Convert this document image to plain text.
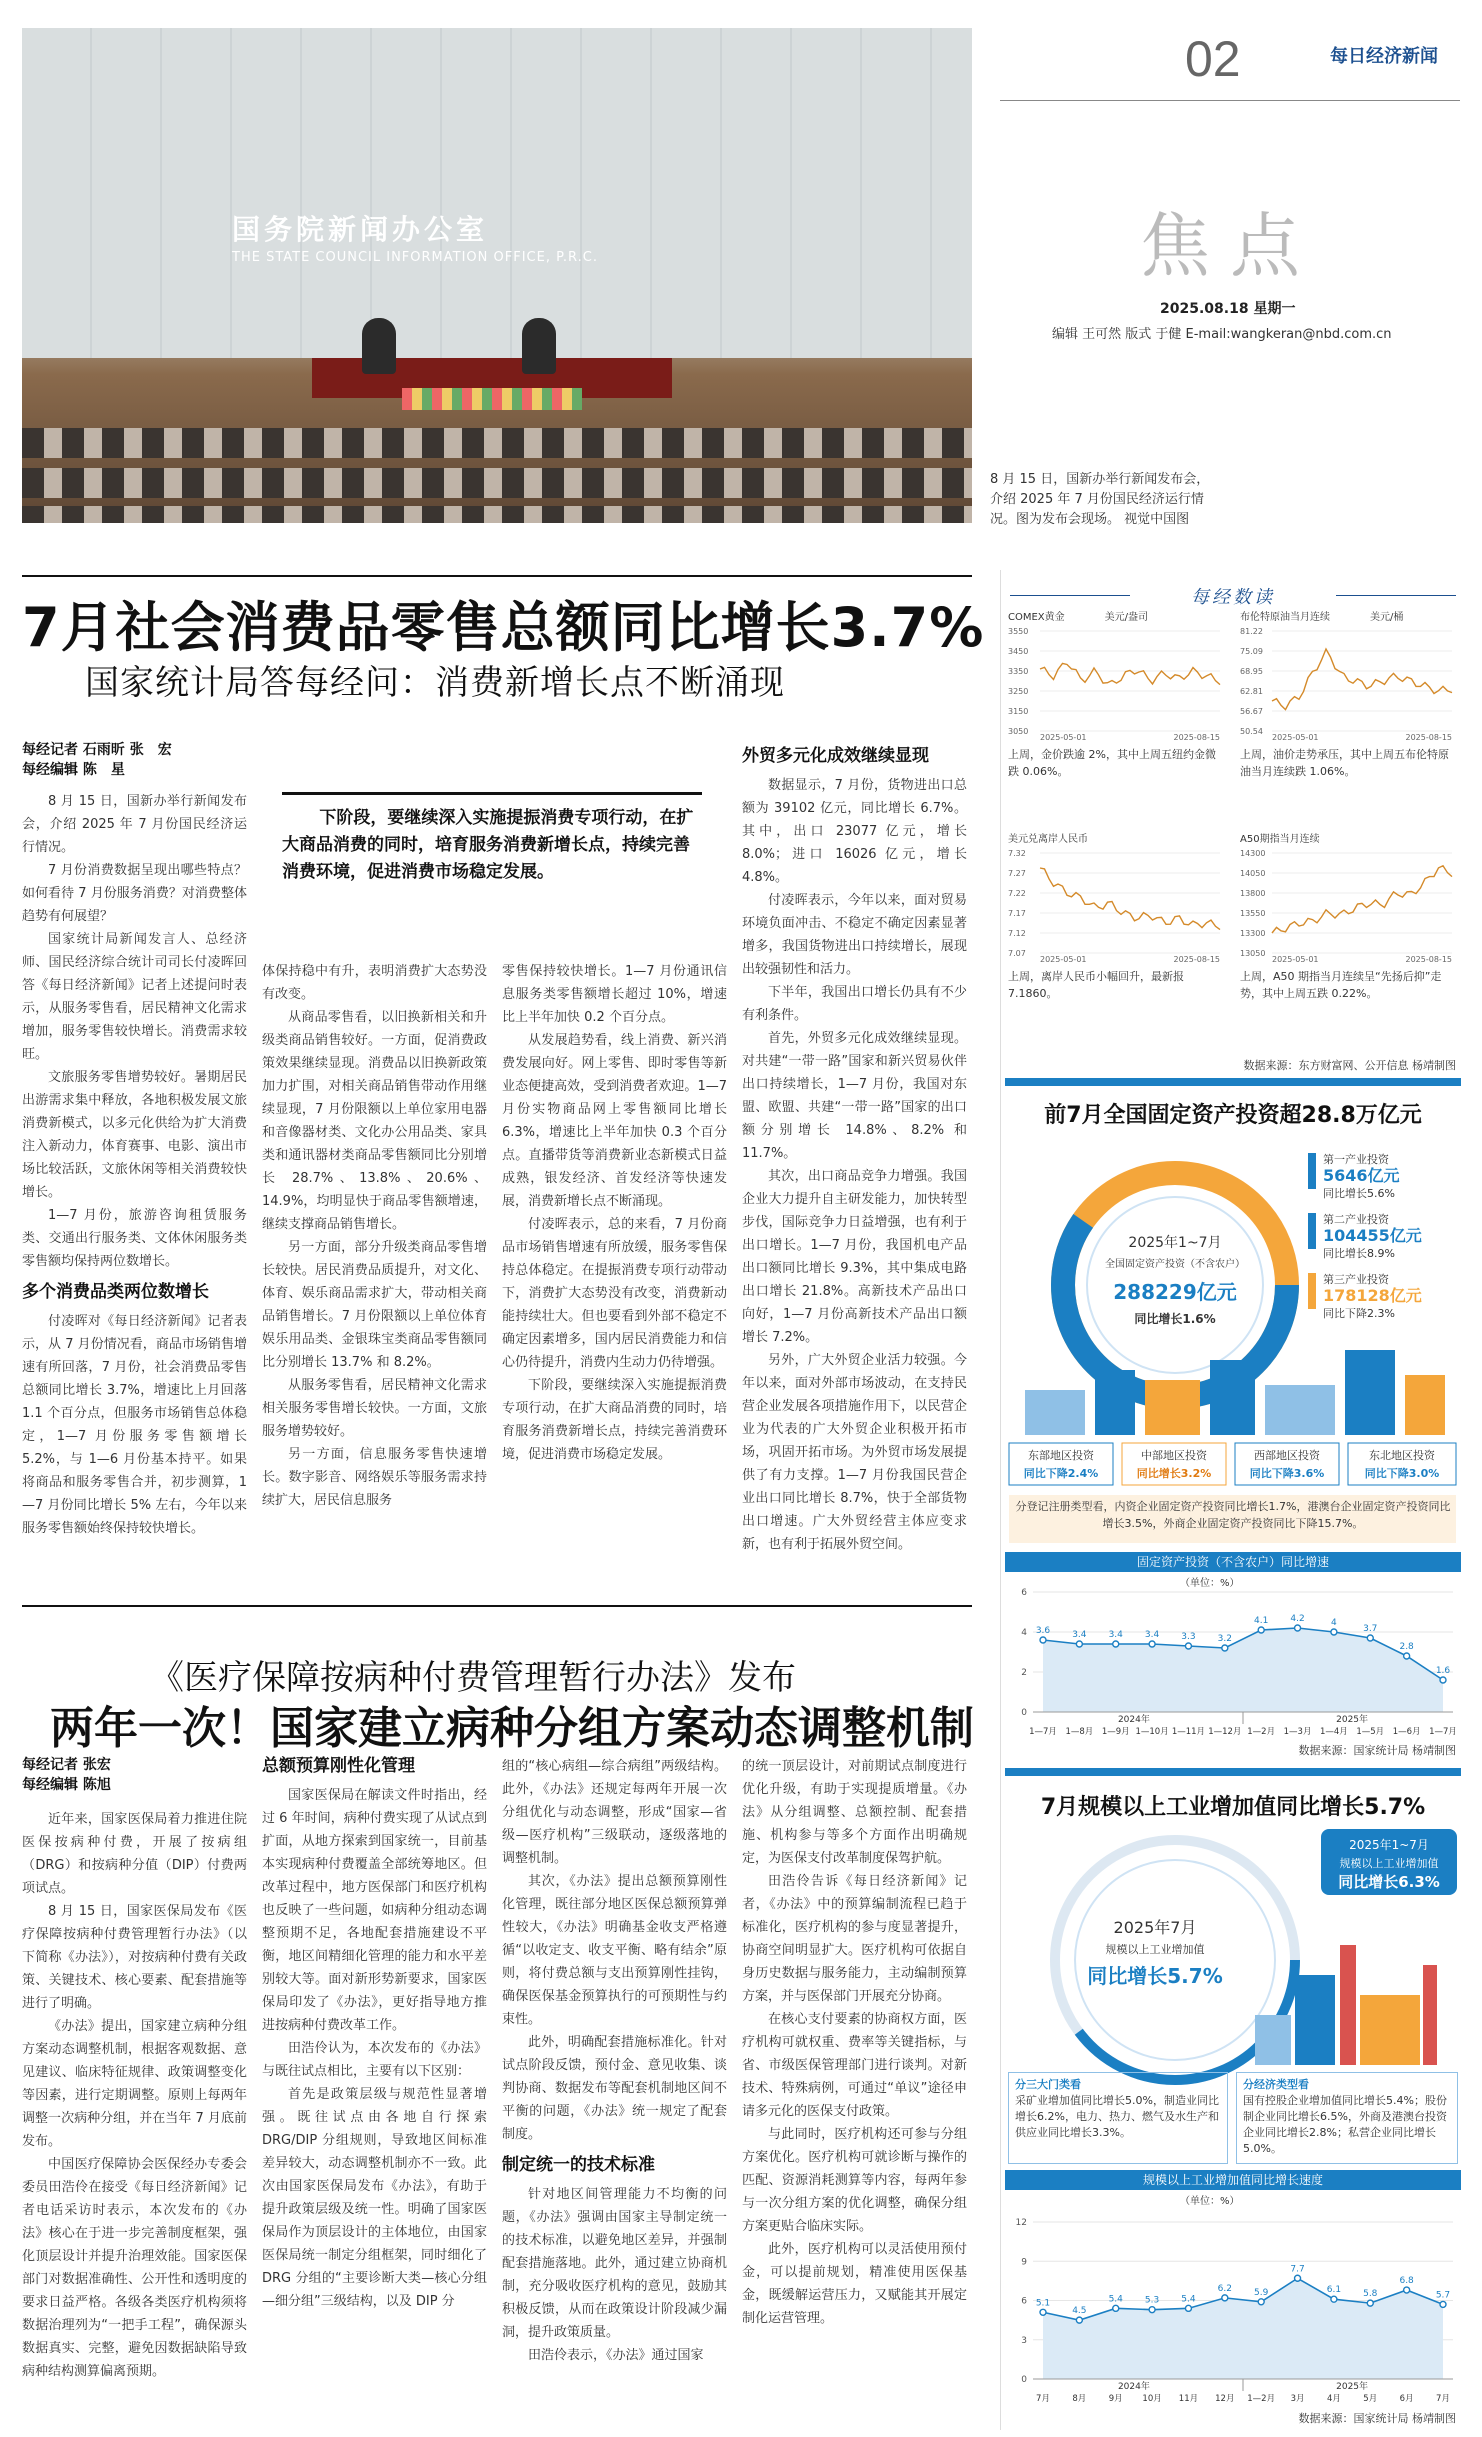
国务院新闻办公室
THE STATE COUNCIL INFORMATION OFFICE, P.R.C.
02	每日经济新闻
焦点
2025.08.18 星期一
编辑 王可然 版式 于健 E-mail:wangkeran@nbd.com.cn
8 月 15 日，国新办举行新闻发布会，介绍 2025 年 7 月份国民经济运行情况。图为发布会现场。 视觉中国图
7月社会消费品零售总额同比增长3.7%
国家统计局答每经问：消费新增长点不断涌现
每经记者 石雨昕 张　宏
每经编辑 陈　星

8 月 15 日，国新办举行新闻发布会，介绍 2025 年 7 月份国民经济运行情况。

7 月份消费数据呈现出哪些特点？如何看待 7 月份服务消费？对消费整体趋势有何展望？

国家统计局新闻发言人、总经济师、国民经济综合统计司司长付凌晖回答《每日经济新闻》记者上述提问时表示，从服务零售看，居民精神文化需求增加，服务零售较快增长。消费需求较旺。

文旅服务零售增势较好。暑期居民出游需求集中释放，各地积极发展文旅消费新模式，以多元化供给为扩大消费注入新动力，体育赛事、电影、演出市场比较活跃，文旅休闲等相关消费较快增长。

1—7 月份，旅游咨询租赁服务类、交通出行服务类、文体休闲服务类零售额均保持两位数增长。

多个消费品类两位数增长

付凌晖对《每日经济新闻》记者表示，从 7 月份情况看，商品市场销售增速有所回落，7 月份，社会消费品零售总额同比增长 3.7%，增速比上月回落 1.1 个百分点，但服务市场销售总体稳定，1—7 月份服务零售额增长 5.2%，与 1—6 月份基本持平。如果将商品和服务零售合并，初步测算，1—7 月份同比增长 5% 左右，今年以来服务零售额始终保持较快增长。

下阶段，要继续深入实施提振消费专项行动，在扩大商品消费的同时，培育服务消费新增长点，持续完善消费环境，促进消费市场稳定发展。

体保持稳中有升，表明消费扩大态势没有改变。

从商品零售看，以旧换新相关和升级类商品销售较好。一方面，促消费政策效果继续显现。消费品以旧换新政策加力扩围，对相关商品销售带动作用继续显现，7 月份限额以上单位家用电器和音像器材类、文化办公用品类、家具类和通讯器材类商品零售额同比分别增长 28.7%、13.8%、20.6%、14.9%，均明显快于商品零售额增速，继续支撑商品销售增长。

另一方面，部分升级类商品零售增长较快。居民消费品质提升，对文化、体育、娱乐商品需求扩大，带动相关商品销售增长。7 月份限额以上单位体育娱乐用品类、金银珠宝类商品零售额同比分别增长 13.7% 和 8.2%。

从服务零售看，居民精神文化需求相关服务零售增长较快。一方面，文旅服务增势较好。

另一方面，信息服务零售快速增长。数字影音、网络娱乐等服务需求持续扩大，居民信息服务

零售保持较快增长。1—7 月份通讯信息服务类零售额增长超过 10%，增速比上半年加快 0.2 个百分点。

从发展趋势看，线上消费、新兴消费发展向好。网上零售、即时零售等新业态便捷高效，受到消费者欢迎。1—7 月份实物商品网上零售额同比增长 6.3%，增速比上半年加快 0.3 个百分点。直播带货等消费新业态新模式日益成熟，银发经济、首发经济等快速发展，消费新增长点不断涌现。

付凌晖表示，总的来看，7 月份商品市场销售增速有所放缓，服务零售保持总体稳定。在提振消费专项行动带动下，消费扩大态势没有改变，消费新动能持续壮大。但也要看到外部不稳定不确定因素增多，国内居民消费能力和信心仍待提升，消费内生动力仍待增强。

下阶段，要继续深入实施提振消费专项行动，在扩大商品消费的同时，培育服务消费新增长点，持续完善消费环境，促进消费市场稳定发展。

外贸多元化成效继续显现

数据显示，7 月份，货物进出口总额为 39102 亿元，同比增长 6.7%。其中，出口 23077 亿元，增长 8.0%；进口 16026 亿元，增长 4.8%。

付凌晖表示，今年以来，面对贸易环境负面冲击、不稳定不确定因素显著增多，我国货物进出口持续增长，展现出较强韧性和活力。

下半年，我国出口增长仍具有不少有利条件。

首先，外贸多元化成效继续显现。对共建“一带一路”国家和新兴贸易伙伴出口持续增长，1—7 月份，我国对东盟、欧盟、共建“一带一路”国家的出口额分别增长 14.8%、8.2% 和 11.7%。

其次，出口商品竞争力增强。我国企业大力提升自主研发能力，加快转型步伐，国际竞争力日益增强，也有利于出口增长。1—7 月份，我国机电产品出口额同比增长 9.3%，其中集成电路出口增长 21.8%。高新技术产品出口向好，1—7 月份高新技术产品出口额增长 7.2%。

另外，广大外贸企业活力较强。今年以来，面对外部市场波动，在支持民营企业发展各项措施作用下，以民营企业为代表的广大外贸企业积极开拓市场，巩固开拓市场。为外贸市场发展提供了有力支撑。1—7 月份我国民营企业出口同比增长 8.7%，快于全部货物出口增速。广大外贸经营主体应变求新，也有利于拓展外贸空间。

《医疗保障按病种付费管理暂行办法》发布
两年一次！国家建立病种分组方案动态调整机制
每经记者 张宏
每经编辑 陈旭

近年来，国家医保局着力推进住院医保按病种付费，开展了按病组（DRG）和按病种分值（DIP）付费两项试点。

8 月 15 日，国家医保局发布《医疗保障按病种付费管理暂行办法》（以下简称《办法》），对按病种付费有关政策、关键技术、核心要素、配套措施等进行了明确。

《办法》提出，国家建立病种分组方案动态调整机制，根据客观数据、意见建议、临床特征规律、政策调整变化等因素，进行定期调整。原则上每两年调整一次病种分组，并在当年 7 月底前发布。

中国医疗保障协会医保经办专委会委员田浩伶在接受《每日经济新闻》记者电话采访时表示，本次发布的《办法》核心在于进一步完善制度框架，强化顶层设计并提升治理效能。国家医保部门对数据准确性、公开性和透明度的要求日益严格。各级各类医疗机构须将数据治理列为“一把手工程”，确保源头数据真实、完整，避免因数据缺陷导致病种结构测算偏离预期。

总额预算刚性化管理

国家医保局在解读文件时指出，经过 6 年时间，病种付费实现了从试点到扩面，从地方探索到国家统一，目前基本实现病种付费覆盖全部统筹地区。但改革过程中，地方医保部门和医疗机构也反映了一些问题，如病种分组动态调整预期不足，各地配套措施建设不平衡，地区间精细化管理的能力和水平差别较大等。面对新形势新要求，国家医保局印发了《办法》，更好指导地方推进按病种付费改革工作。

田浩伶认为，本次发布的《办法》与既往试点相比，主要有以下区别：

首先是政策层级与规范性显著增强。既往试点由各地自行探索 DRG/DIP 分组规则，导致地区间标准差异较大，动态调整机制亦不一致。此次由国家医保局发布《办法》，有助于提升政策层级及统一性。明确了国家医保局作为顶层设计的主体地位，由国家医保局统一制定分组框架，同时细化了 DRG 分组的“主要诊断大类—核心分组—细分组”三级结构，以及 DIP 分

组的“核心病组—综合病组”两级结构。此外，《办法》还规定每两年开展一次分组优化与动态调整，形成“国家—省级—医疗机构”三级联动，逐级落地的调整机制。

其次，《办法》提出总额预算刚性化管理，既往部分地区医保总额预算弹性较大，《办法》明确基金收支严格遵循“以收定支、收支平衡、略有结余”原则，将付费总额与支出预算刚性挂钩，确保医保基金预算执行的可预期性与约束性。

此外，明确配套措施标准化。针对试点阶段反馈，预付金、意见收集、谈判协商、数据发布等配套机制地区间不平衡的问题，《办法》统一规定了配套制度。

制定统一的技术标准

针对地区间管理能力不均衡的问题，《办法》强调由国家主导制定统一的技术标准，以避免地区差异，并强制配套措施落地。此外，通过建立协商机制，充分吸收医疗机构的意见，鼓励其积极反馈，从而在政策设计阶段减少漏洞，提升政策质量。

田浩伶表示，《办法》通过国家

的统一顶层设计，对前期试点制度进行优化升级，有助于实现提质增量。《办法》从分组调整、总额控制、配套措施、机构参与等多个方面作出明确规定，为医保支付改革制度保驾护航。

田浩伶告诉《每日经济新闻》记者，《办法》中的预算编制流程已趋于标准化，医疗机构的参与度显著提升，协商空间明显扩大。医疗机构可依据自身历史数据与服务能力，主动编制预算方案，并与医保部门开展充分协商。

在核心支付要素的协商权方面，医疗机构可就权重、费率等关键指标，与省、市级医保管理部门进行谈判。对新技术、特殊病例，可通过“单议”途径申请多元化的医保支付政策。

与此同时，医疗机构还可参与分组方案优化。医疗机构可就诊断与操作的匹配、资源消耗测算等内容，每两年参与一次分组方案的优化调整，确保分组方案更贴合临床实际。

此外，医疗机构可以灵活使用预付金，可以提前规划，精准使用医保基金，既缓解运营压力，又赋能其开展定制化运营管理。

每经数读
COMEX黄金　　　　美元/盎司
3550
3450
3350
3250
3150
3050
2025-05-01	2025-08-15
上周，金价跌逾 2%，其中上周五纽约金微跌 0.06%。
布伦特原油当月连续　　　　美元/桶
81.22
75.09
68.95
62.81
56.67
50.54
2025-05-01	2025-08-15
上周，油价走势承压，其中上周五布伦特原油当月连续跌 1.06%。
美元兑离岸人民币
7.32
7.27
7.22
7.17
7.12
7.07
2025-05-01	2025-08-15
上周，离岸人民币小幅回升，最新报 7.1860。
A50期指当月连续
14300
14050
13800
13550
13300
13050
2025-05-01	2025-08-15
上周，A50 期指当月连续呈“先扬后抑”走势，其中上周五跌 0.22%。
数据来源：东方财富网、公开信息 杨靖制图
前7月全国固定资产投资超28.8万亿元
2025年1~7月
全国固定资产投资（不含农户）
288229亿元
同比增长1.6%
第一产业投资
5646亿元
同比增长5.6%
第二产业投资
104455亿元
同比增长8.9%
第三产业投资
178128亿元
同比下降2.3%
东部地区投资
同比下降2.4%
中部地区投资
同比增长3.2%
西部地区投资
同比下降3.6%
东北地区投资
同比下降3.0%
分登记注册类型看，内资企业固定资产投资同比增长1.7%，港澳台企业固定资产投资同比增长3.5%，外商企业固定资产投资同比下降15.7%。
固定资产投资（不含农户）同比增速
（单位：%）
0
2
4
6
3.6
1—7月
3.4
1—8月
3.4
1—9月
3.4
1—10月
3.3
1—11月
3.2
1—12月
4.1
1—2月
4.2
1—3月
4
1—4月
3.7
1—5月
2.8
1—6月
1.6
1—7月
2024年	2025年
数据来源：国家统计局 杨靖制图
7月规模以上工业增加值同比增长5.7%
2025年7月
规模以上工业增加值
同比增长5.7%
2025年1~7月
规模以上工业增加值
同比增长6.3%
分三大门类看
采矿业增加值同比增长5.0%，制造业同比增长6.2%，电力、热力、燃气及水生产和供应业同比增长3.3%。
分经济类型看
国有控股企业增加值同比增长5.4%；股份制企业同比增长6.5%，外商及港澳台投资企业同比增长2.8%；私营企业同比增长5.0%。
规模以上工业增加值同比增长速度
（单位：%）
0
3
6
9
12
5.1
7月
4.5
8月
5.4
9月
5.3
10月
5.4
11月
6.2
12月
5.9
1—2月
7.7
3月
6.1
4月
5.8
5月
6.8
6月
5.7
7月
2024年	2025年
数据来源：国家统计局 杨靖制图
